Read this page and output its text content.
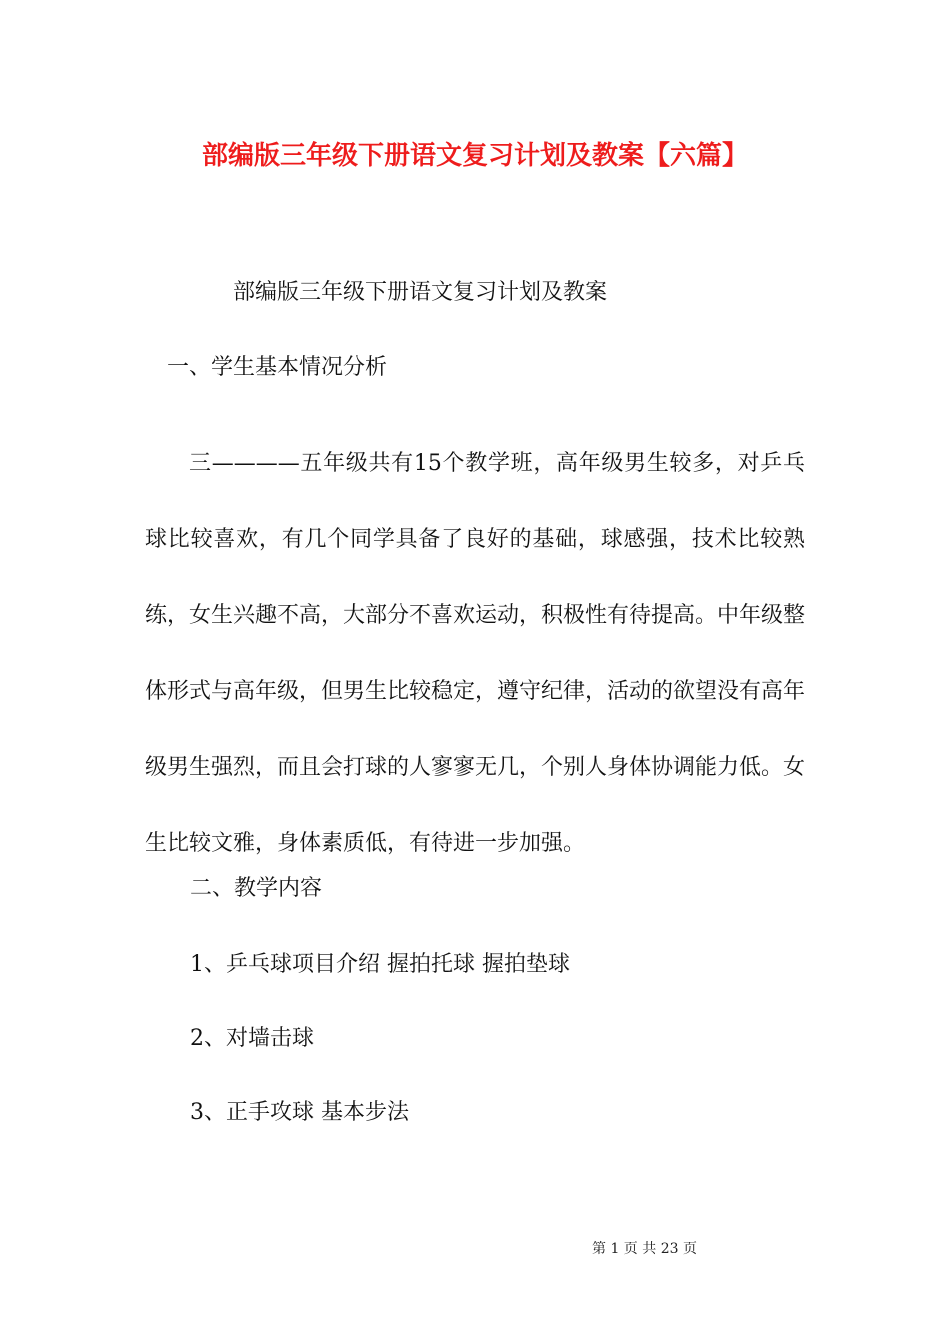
部编版三年级下册语文复习计划及教案【六篇】
部编版三年级下册语文复习计划及教案
一、学生基本情况分析
三————五年级共有15个教学班，高年级男生较多，对乒乓球比较喜欢，有几个同学具备了良好的基础，球感强，技术比较熟练，女生兴趣不高，大部分不喜欢运动，积极性有待提高。中年级整体形式与高年级，但男生比较稳定，遵守纪律，活动的欲望没有高年级男生强烈，而且会打球的人寥寥无几，个别人身体协调能力低。女生比较文雅，身体素质低，有待进一步加强。
二、教学内容
1、乒乓球项目介绍 握拍托球 握拍垫球
2、对墙击球
3、正手攻球 基本步法
第 1 页 共 23 页
